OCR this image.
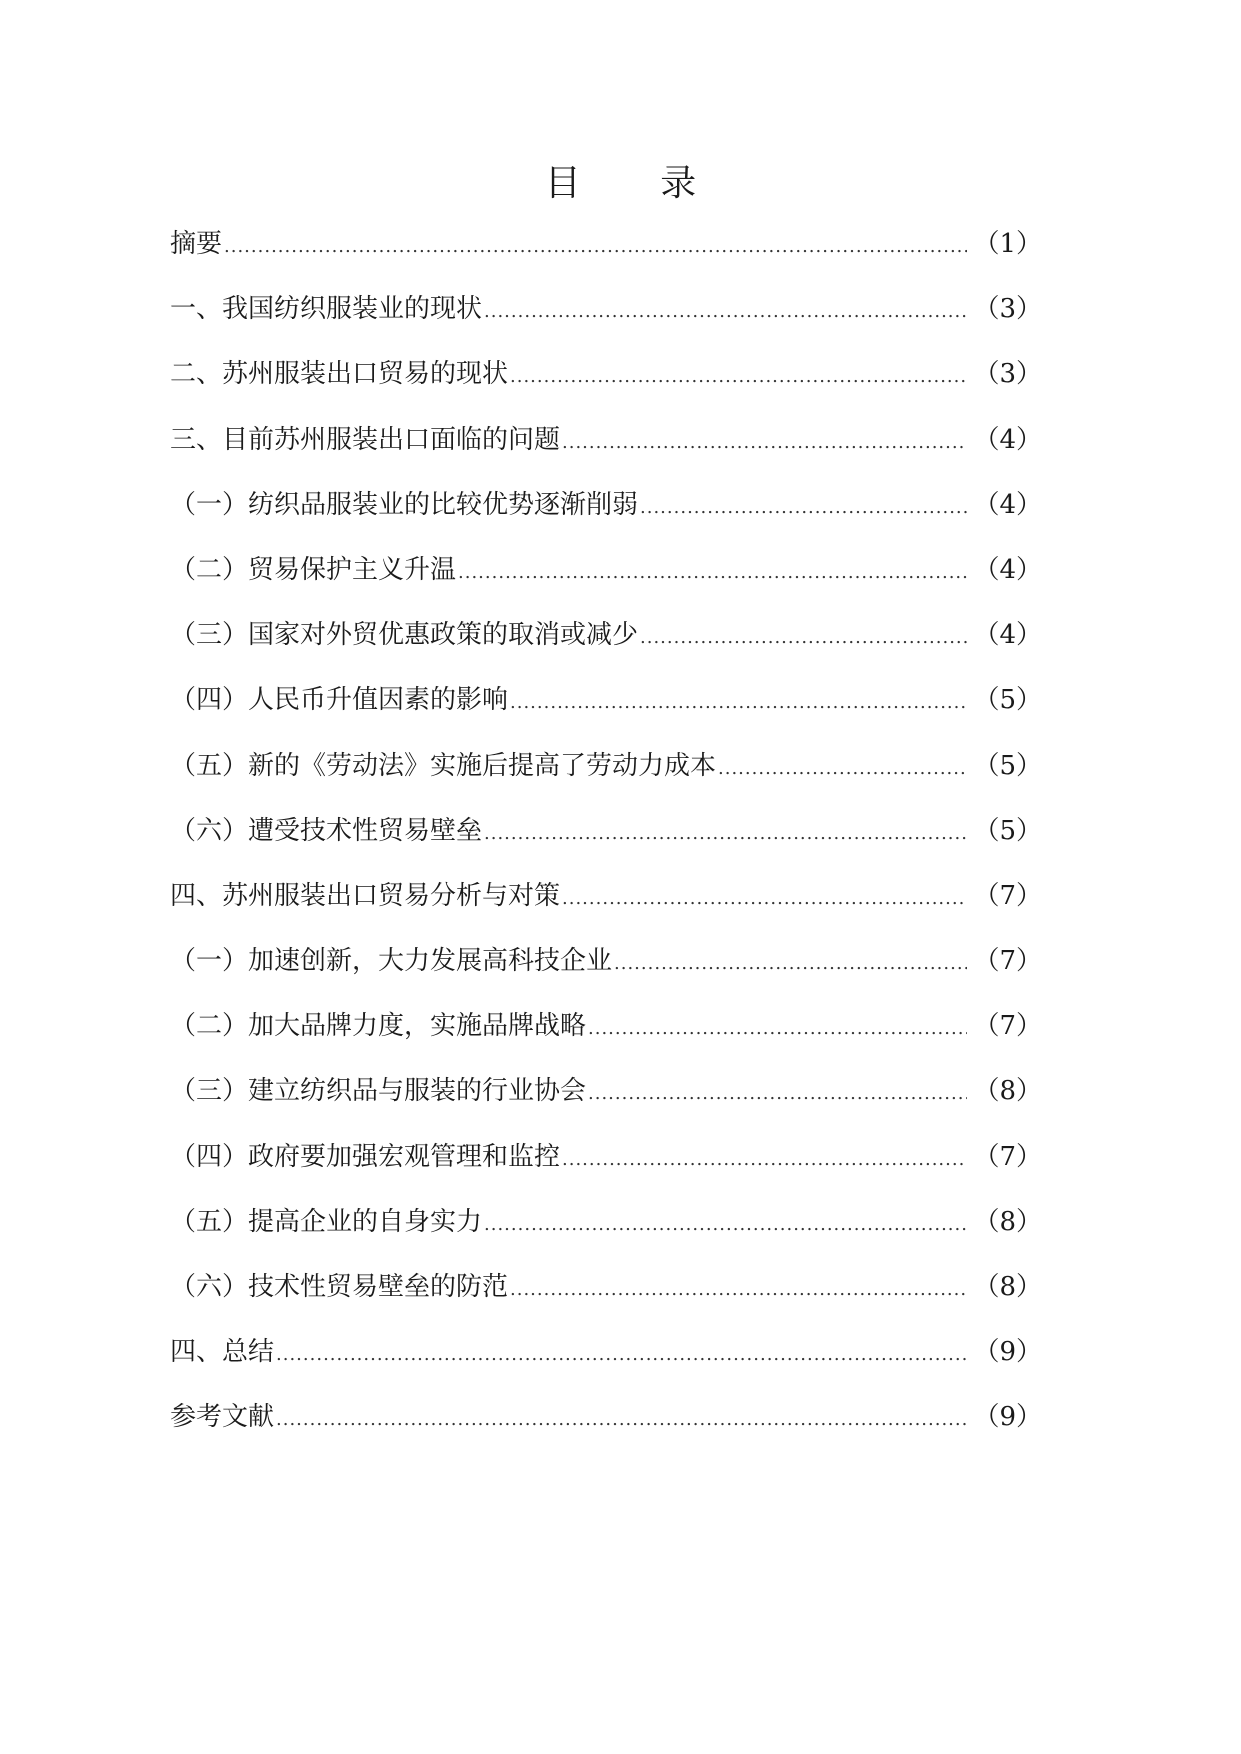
目 录
摘要 .....	（1）
一、我国纺织服装业的现状 .....	（3）
二、苏州服装出口贸易的现状 .....	（3）
三、目前苏州服装出口面临的问题 .....	（4）
（一）纺织品服装业的比较优势逐渐削弱 .....	（4）
（二）贸易保护主义升温 .....	（4）
（三）国家对外贸优惠政策的取消或减少 .....	（4）
（四）人民币升值因素的影响 .....	（5）
（五）新的《劳动法》实施后提高了劳动力成本 .....	（5）
（六）遭受技术性贸易壁垒 .....	（5）
四、苏州服装出口贸易分析与对策 .....	（7）
（一）加速创新，大力发展高科技企业 .....	（7）
（二）加大品牌力度，实施品牌战略 .....	（7）
（三）建立纺织品与服装的行业协会 .....	（8）
（四）政府要加强宏观管理和监控 .....	（7）
（五）提高企业的自身实力 .....	（8）
（六）技术性贸易壁垒的防范 .....	（8）
四、总结 .....	（9）
参考文献 .....	（9）
